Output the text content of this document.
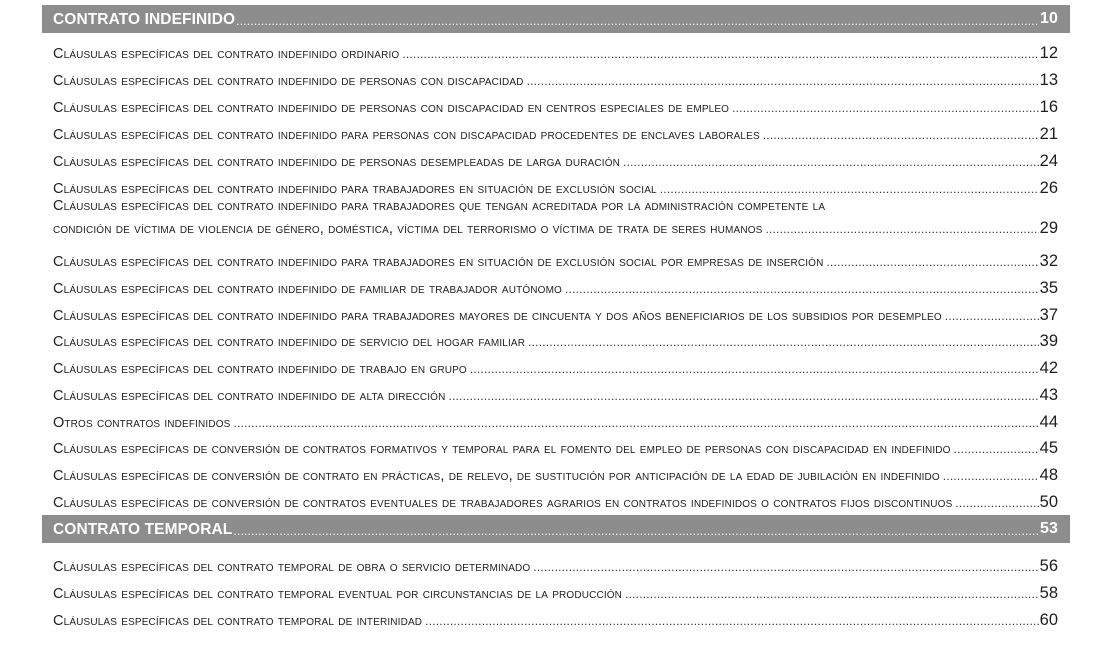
CONTRATO INDEFINIDO .....	10
Cláusulas específicas del contrato indefinido ordinario .....	12
Cláusulas específicas del contrato indefinido de personas con discapacidad .....	13
Cláusulas específicas del contrato indefinido de personas con discapacidad en centros especiales de empleo .....	16
Cláusulas específicas del contrato indefinido para personas con discapacidad procedentes de enclaves laborales .....	21
Cláusulas específicas del contrato indefinido de personas desempleadas de larga duración .....	24
Cláusulas específicas del contrato indefinido para trabajadores en situación de exclusión social .....	26
Cláusulas específicas del contrato indefinido para trabajadores que tengan acreditada por la administración competente la
condición de víctima de violencia de género, doméstica, víctima del terrorismo o víctima de trata de seres humanos .....	29
Cláusulas específicas del contrato indefinido para trabajadores en situación de exclusión social por empresas de inserción .....	32
Cláusulas específicas del contrato indefinido de familiar de trabajador autónomo .....	35
Cláusulas específicas del contrato indefinido para trabajadores mayores de cincuenta y dos años beneficiarios de los subsidios por desempleo .....	37
Cláusulas específicas del contrato indefinido de servicio del hogar familiar .....	39
Cláusulas específicas del contrato indefinido de trabajo en grupo .....	42
Cláusulas específicas del contrato indefinido de alta dirección .....	43
Otros contratos indefinidos .....	44
Cláusulas específicas de conversión de contratos formativos y temporal para el fomento del empleo de personas con discapacidad en indefinido .....	45
Cláusulas específicas de conversión de contrato en prácticas, de relevo, de sustitución por anticipación de la edad de jubilación en indefinido .....	48
Cláusulas específicas de conversión de contratos eventuales de trabajadores agrarios en contratos indefinidos o contratos fijos discontinuos .....	50
CONTRATO TEMPORAL .....	53
Cláusulas específicas del contrato temporal de obra o servicio determinado .....	56
Cláusulas específicas del contrato temporal eventual por circunstancias de la producción .....	58
Cláusulas específicas del contrato temporal de interinidad .....	60
